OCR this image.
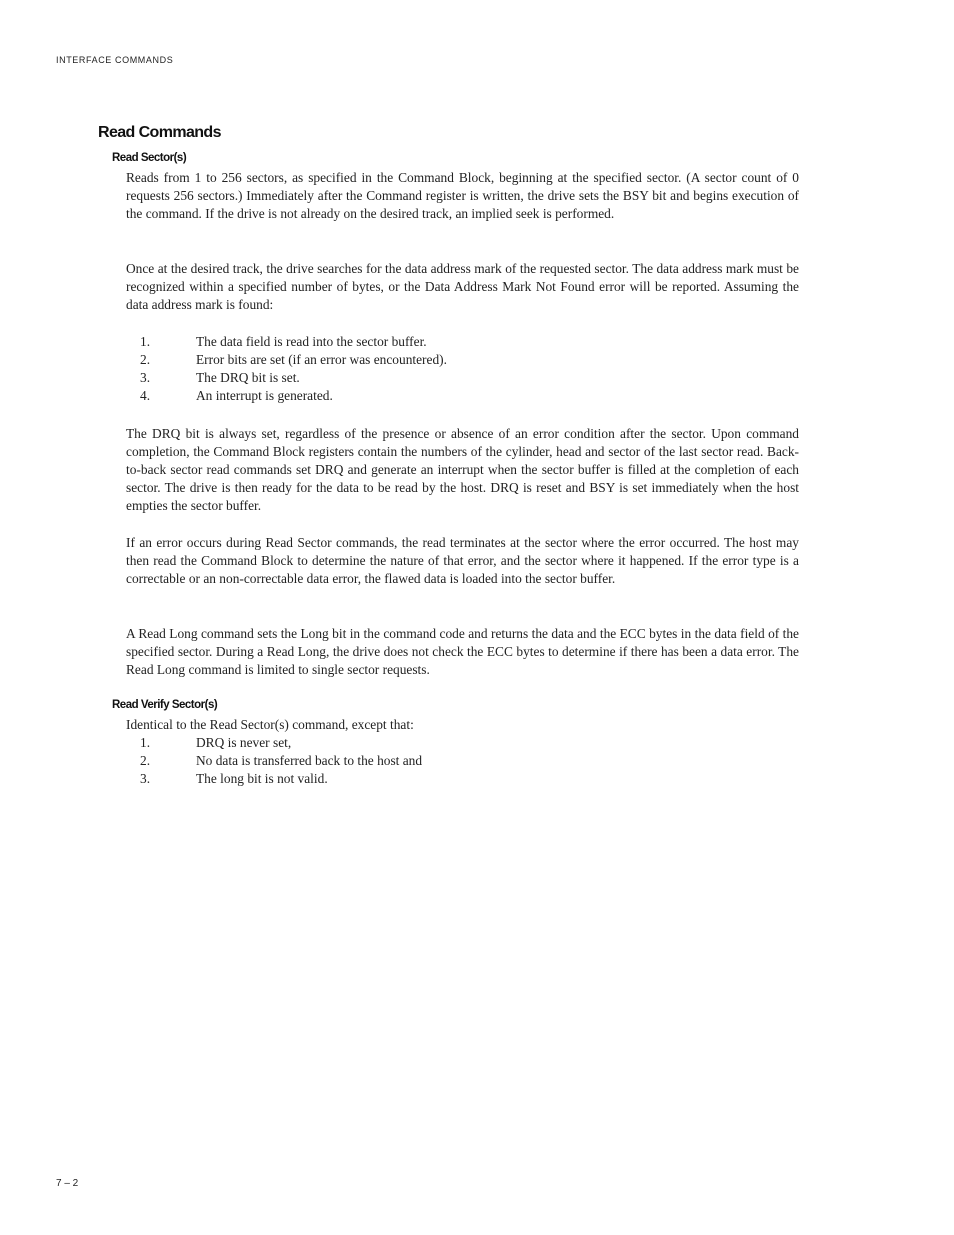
INTERFACE COMMANDS
Read Commands
Read Sector(s)

Reads from 1 to 256 sectors, as specified in the Command Block, beginning at the specified sector. (A sector count of 0 requests 256 sectors.) Immediately after the Command register is written, the drive sets the BSY bit and begins execution of the command. If the drive is not already on the desired track, an implied seek is performed.

Once at the desired track, the drive searches for the data address mark of the requested sector. The data address mark must be recognized within a specified number of bytes, or the Data Address Mark Not Found error will be reported. Assuming the data address mark is found:

1.	The data field is read into the sector buffer.
2.	Error bits are set (if an error was encountered).
3.	The DRQ bit is set.
4.	An interrupt is generated.

The DRQ bit is always set, regardless of the presence or absence of an error condition after the sector. Upon command completion, the Command Block registers contain the numbers of the cylinder, head and sector of the last sector read. Back-to-back sector read commands set DRQ and generate an interrupt when the sector buffer is filled at the completion of each sector. The drive is then ready for the data to be read by the host. DRQ is reset and BSY is set immediately when the host empties the sector buffer.

If an error occurs during Read Sector commands, the read terminates at the sector where the error occurred. The host may then read the Command Block to determine the nature of that error, and the sector where it happened. If the error type is a correctable or an non-correctable data error, the flawed data is loaded into the sector buffer.

A Read Long command sets the Long bit in the command code and returns the data and the ECC bytes in the data field of the specified sector. During a Read Long, the drive does not check the ECC bytes to determine if there has been a data error. The Read Long command is limited to single sector requests.

Read Verify Sector(s)

Identical to the Read Sector(s) command, except that:

1.	DRQ is never set,
2.	No data is transferred back to the host and
3.	The long bit is not valid.
7 – 2
